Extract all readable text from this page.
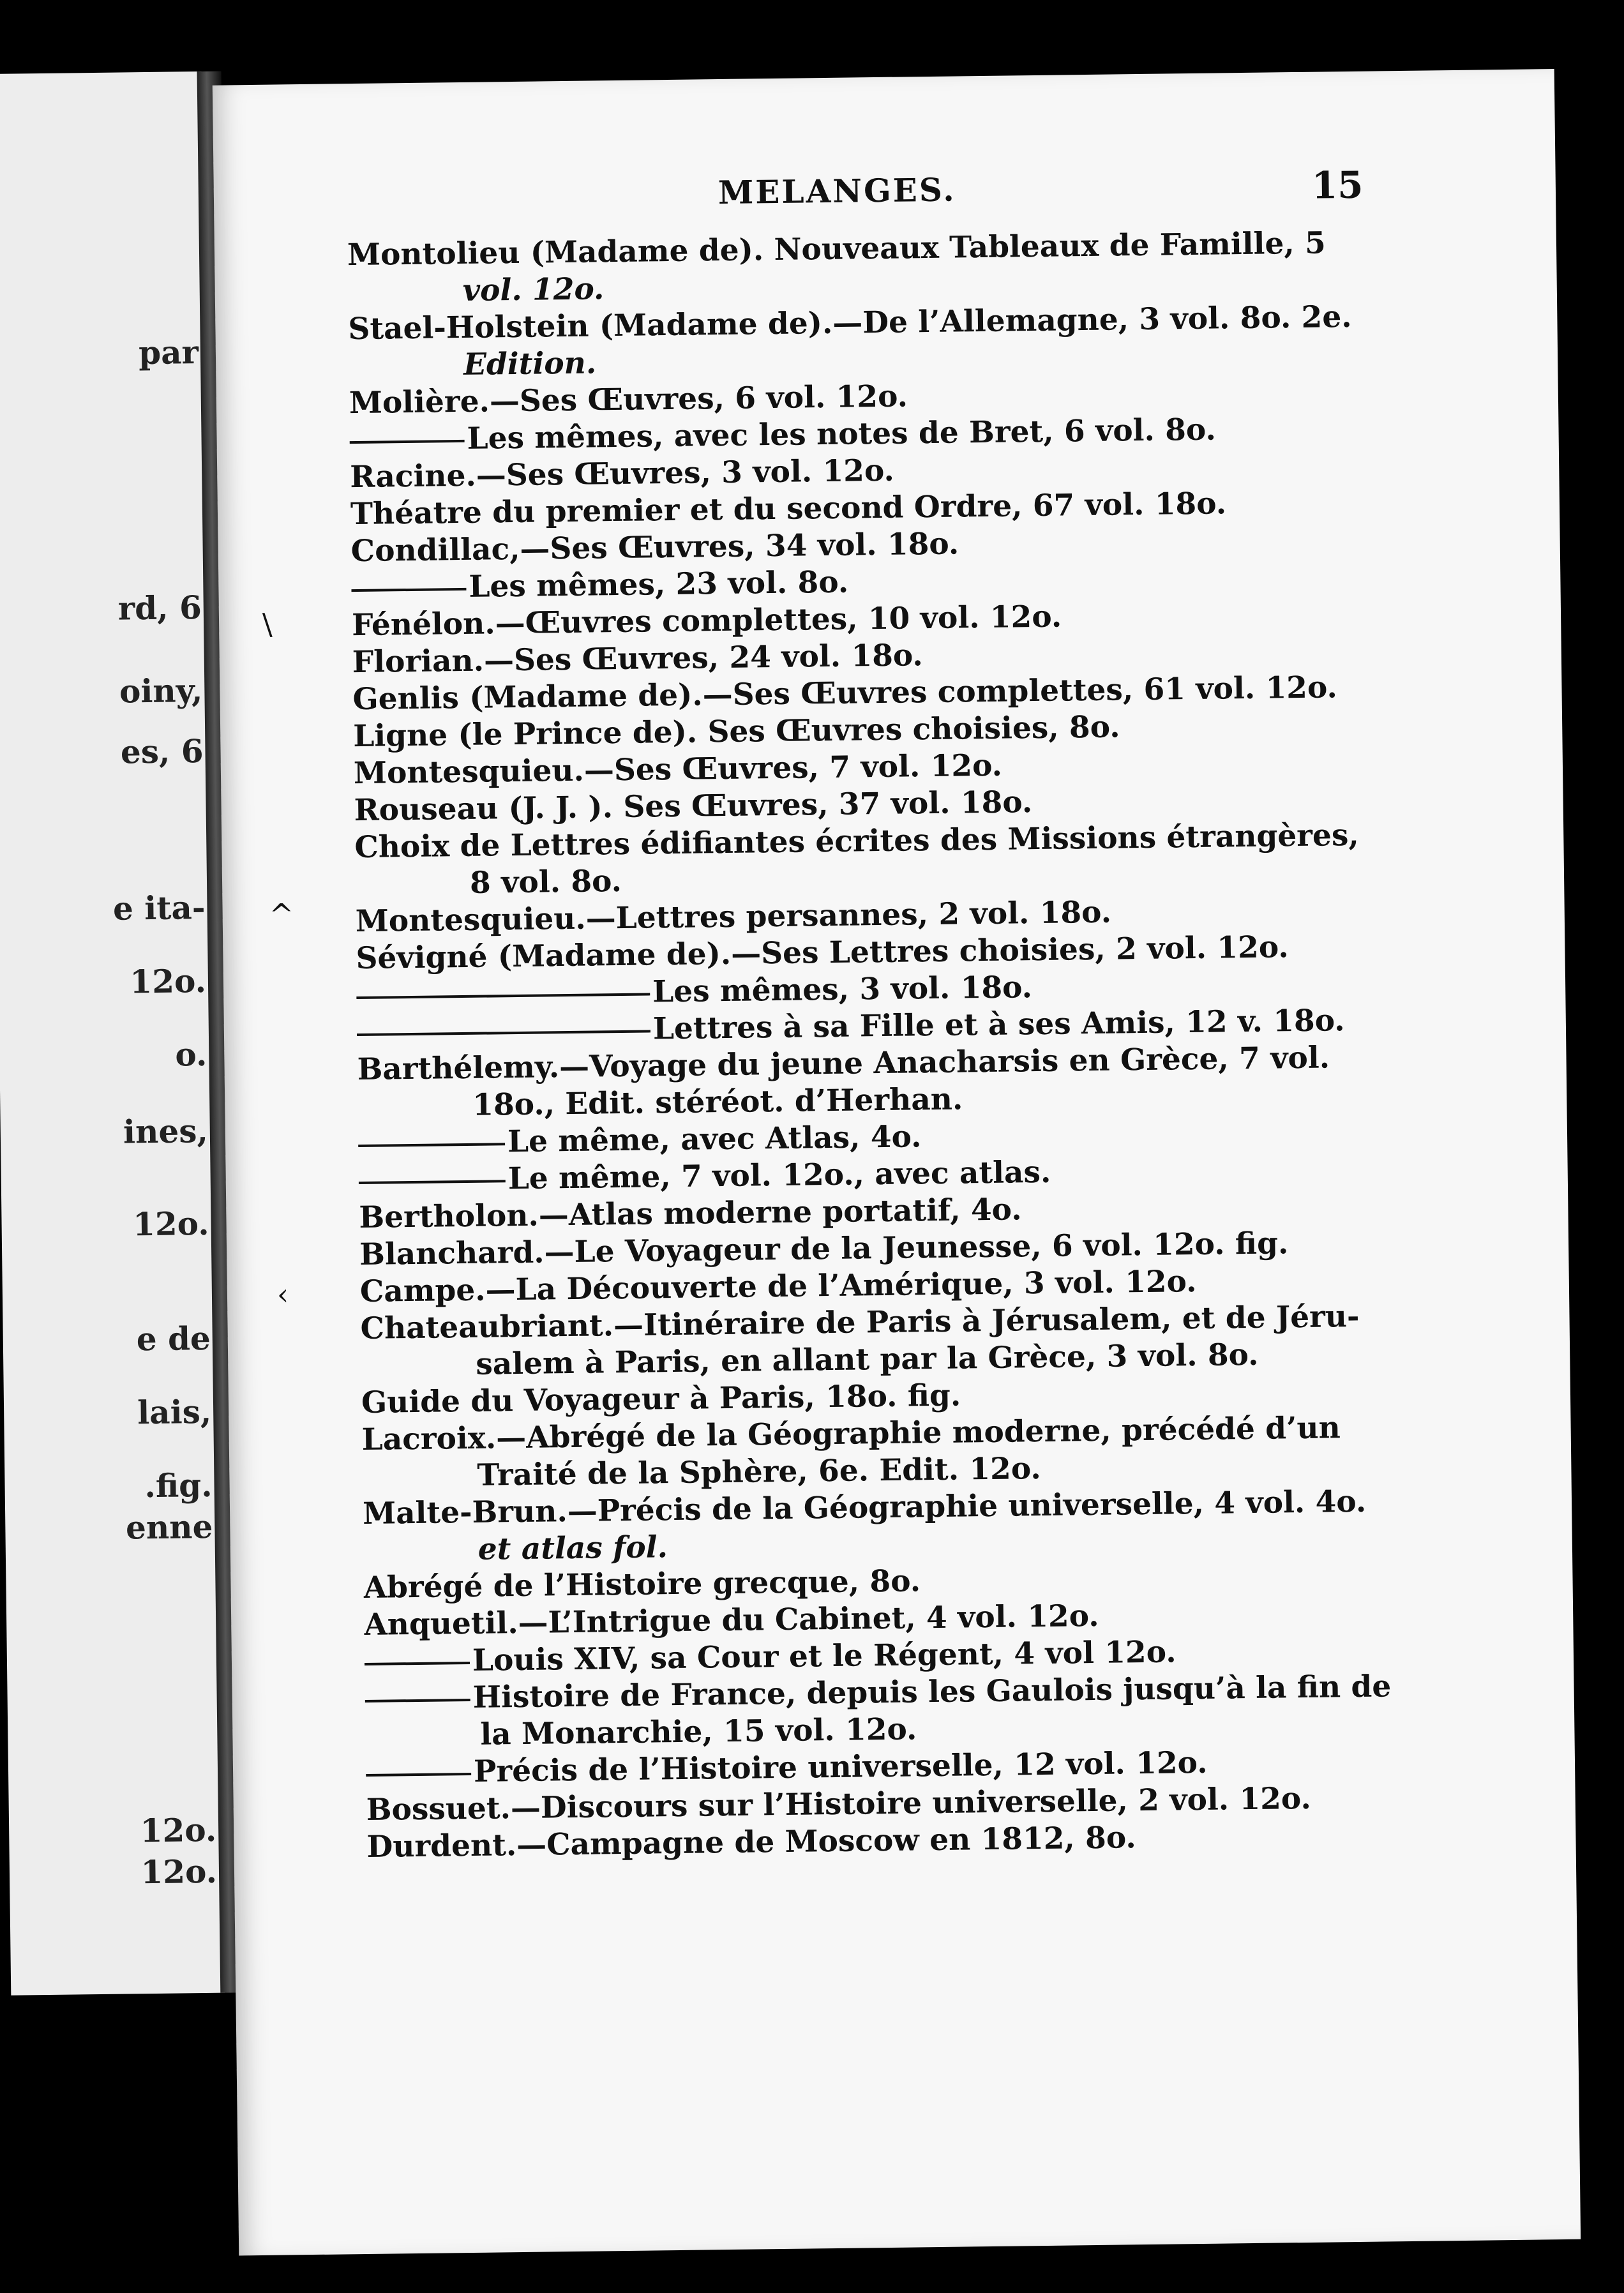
par
rd, 6
oiny,
es, 6
e ita-
12o.
o.
ines,
12o.
e de
lais,
.fig.
enne
12o.
12o.
MELANGES.	15
Montolieu (Madame de). Nouveaux Tableaux de Famille, 5
vol. 12o.
Stael-Holstein (Madame de).—De l’Allemagne, 3 vol. 8o. 2e.
Edition.
Molière.—Ses Œuvres, 6 vol. 12o.
Les mêmes, avec les notes de Bret, 6 vol. 8o.
Racine.—Ses Œuvres, 3 vol. 12o.
Théatre du premier et du second Ordre, 67 vol. 18o.
Condillac,—Ses Œuvres, 34 vol. 18o.
Les mêmes, 23 vol. 8o.
Fénélon.—Œuvres complettes, 10 vol. 12o.
Florian.—Ses Œuvres, 24 vol. 18o.
Genlis (Madame de).—Ses Œuvres complettes, 61 vol. 12o.
Ligne (le Prince de). Ses Œuvres choisies, 8o.
Montesquieu.—Ses Œuvres, 7 vol. 12o.
Rouseau (J. J. ). Ses Œuvres, 37 vol. 18o.
Choix de Lettres édifiantes écrites des Missions étrangères,
8 vol. 8o.
Montesquieu.—Lettres persannes, 2 vol. 18o.
Sévigné (Madame de).—Ses Lettres choisies, 2 vol. 12o.
Les mêmes, 3 vol. 18o.
Lettres à sa Fille et à ses Amis, 12 v. 18o.
Barthélemy.—Voyage du jeune Anacharsis en Grèce, 7 vol.
18o., Edit. stéréot. d’Herhan.
Le même, avec Atlas, 4o.
Le même, 7 vol. 12o., avec atlas.
Bertholon.—Atlas moderne portatif, 4o.
Blanchard.—Le Voyageur de la Jeunesse, 6 vol. 12o. fig.
Campe.—La Découverte de l’Amérique, 3 vol. 12o.
Chateaubriant.—Itinéraire de Paris à Jérusalem, et de Jéru-
salem à Paris, en allant par la Grèce, 3 vol. 8o.
Guide du Voyageur à Paris, 18o. fig.
Lacroix.—Abrégé de la Géographie moderne, précédé d’un
Traité de la Sphère, 6e. Edit. 12o.
Malte-Brun.—Précis de la Géographie universelle, 4 vol. 4o.
et atlas fol.
Abrégé de l’Histoire grecque, 8o.
Anquetil.—L’Intrigue du Cabinet, 4 vol. 12o.
Louis XIV, sa Cour et le Régent, 4 vol 12o.
Histoire de France, depuis les Gaulois jusqu’à la fin de
la Monarchie, 15 vol. 12o.
Précis de l’Histoire universelle, 12 vol. 12o.
Bossuet.—Discours sur l’Histoire universelle, 2 vol. 12o.
Durdent.—Campagne de Moscow en 1812, 8o.
\
^
‹
